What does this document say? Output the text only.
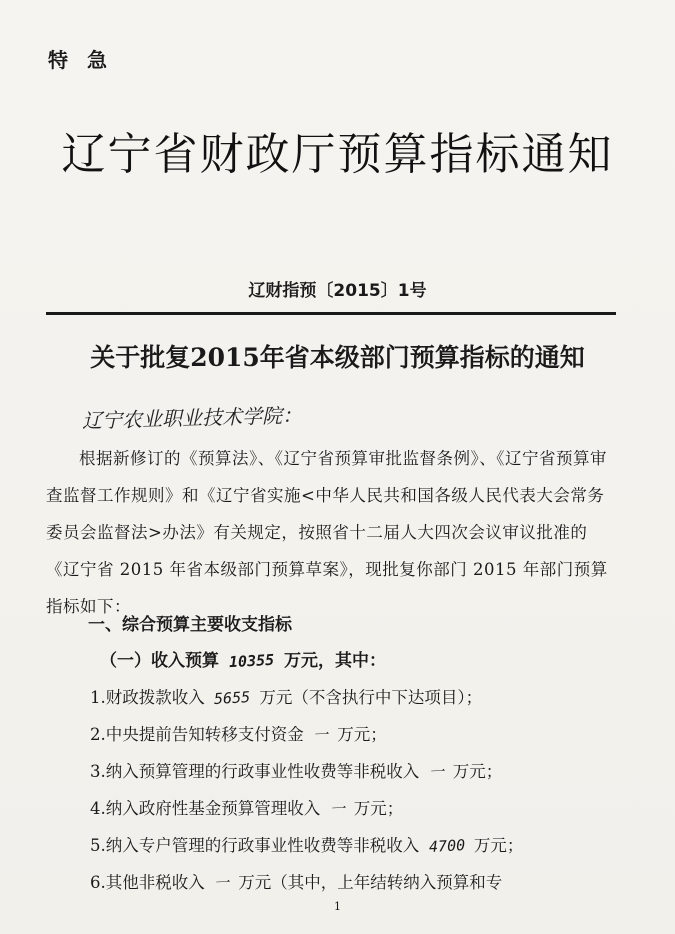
特 急
辽宁省财政厅预算指标通知
辽财指预〔2015〕1号
关于批复2015年省本级部门预算指标的通知
辽宁农业职业技术学院：

根据新修订的《预算法》、《辽宁省预算审批监督条例》、《辽宁省预算审查监督工作规则》和《辽宁省实施<中华人民共和国各级人民代表大会常务委员会监督法>办法》有关规定，按照省十二届人大四次会议审议批准的《辽宁省 2015 年省本级部门预算草案》，现批复你部门 2015 年部门预算指标如下：

一、综合预算主要收支指标
（一）收入预算 10355 万元，其中：
1.财政拨款收入 5655 万元（不含执行中下达项目）；
2.中央提前告知转移支付资金 一 万元；
3.纳入预算管理的行政事业性收费等非税收入 一 万元；
4.纳入政府性基金预算管理收入 一 万元；
5.纳入专户管理的行政事业性收费等非税收入 4700 万元；
6.其他非税收入 一 万元（其中，上年结转纳入预算和专
1
